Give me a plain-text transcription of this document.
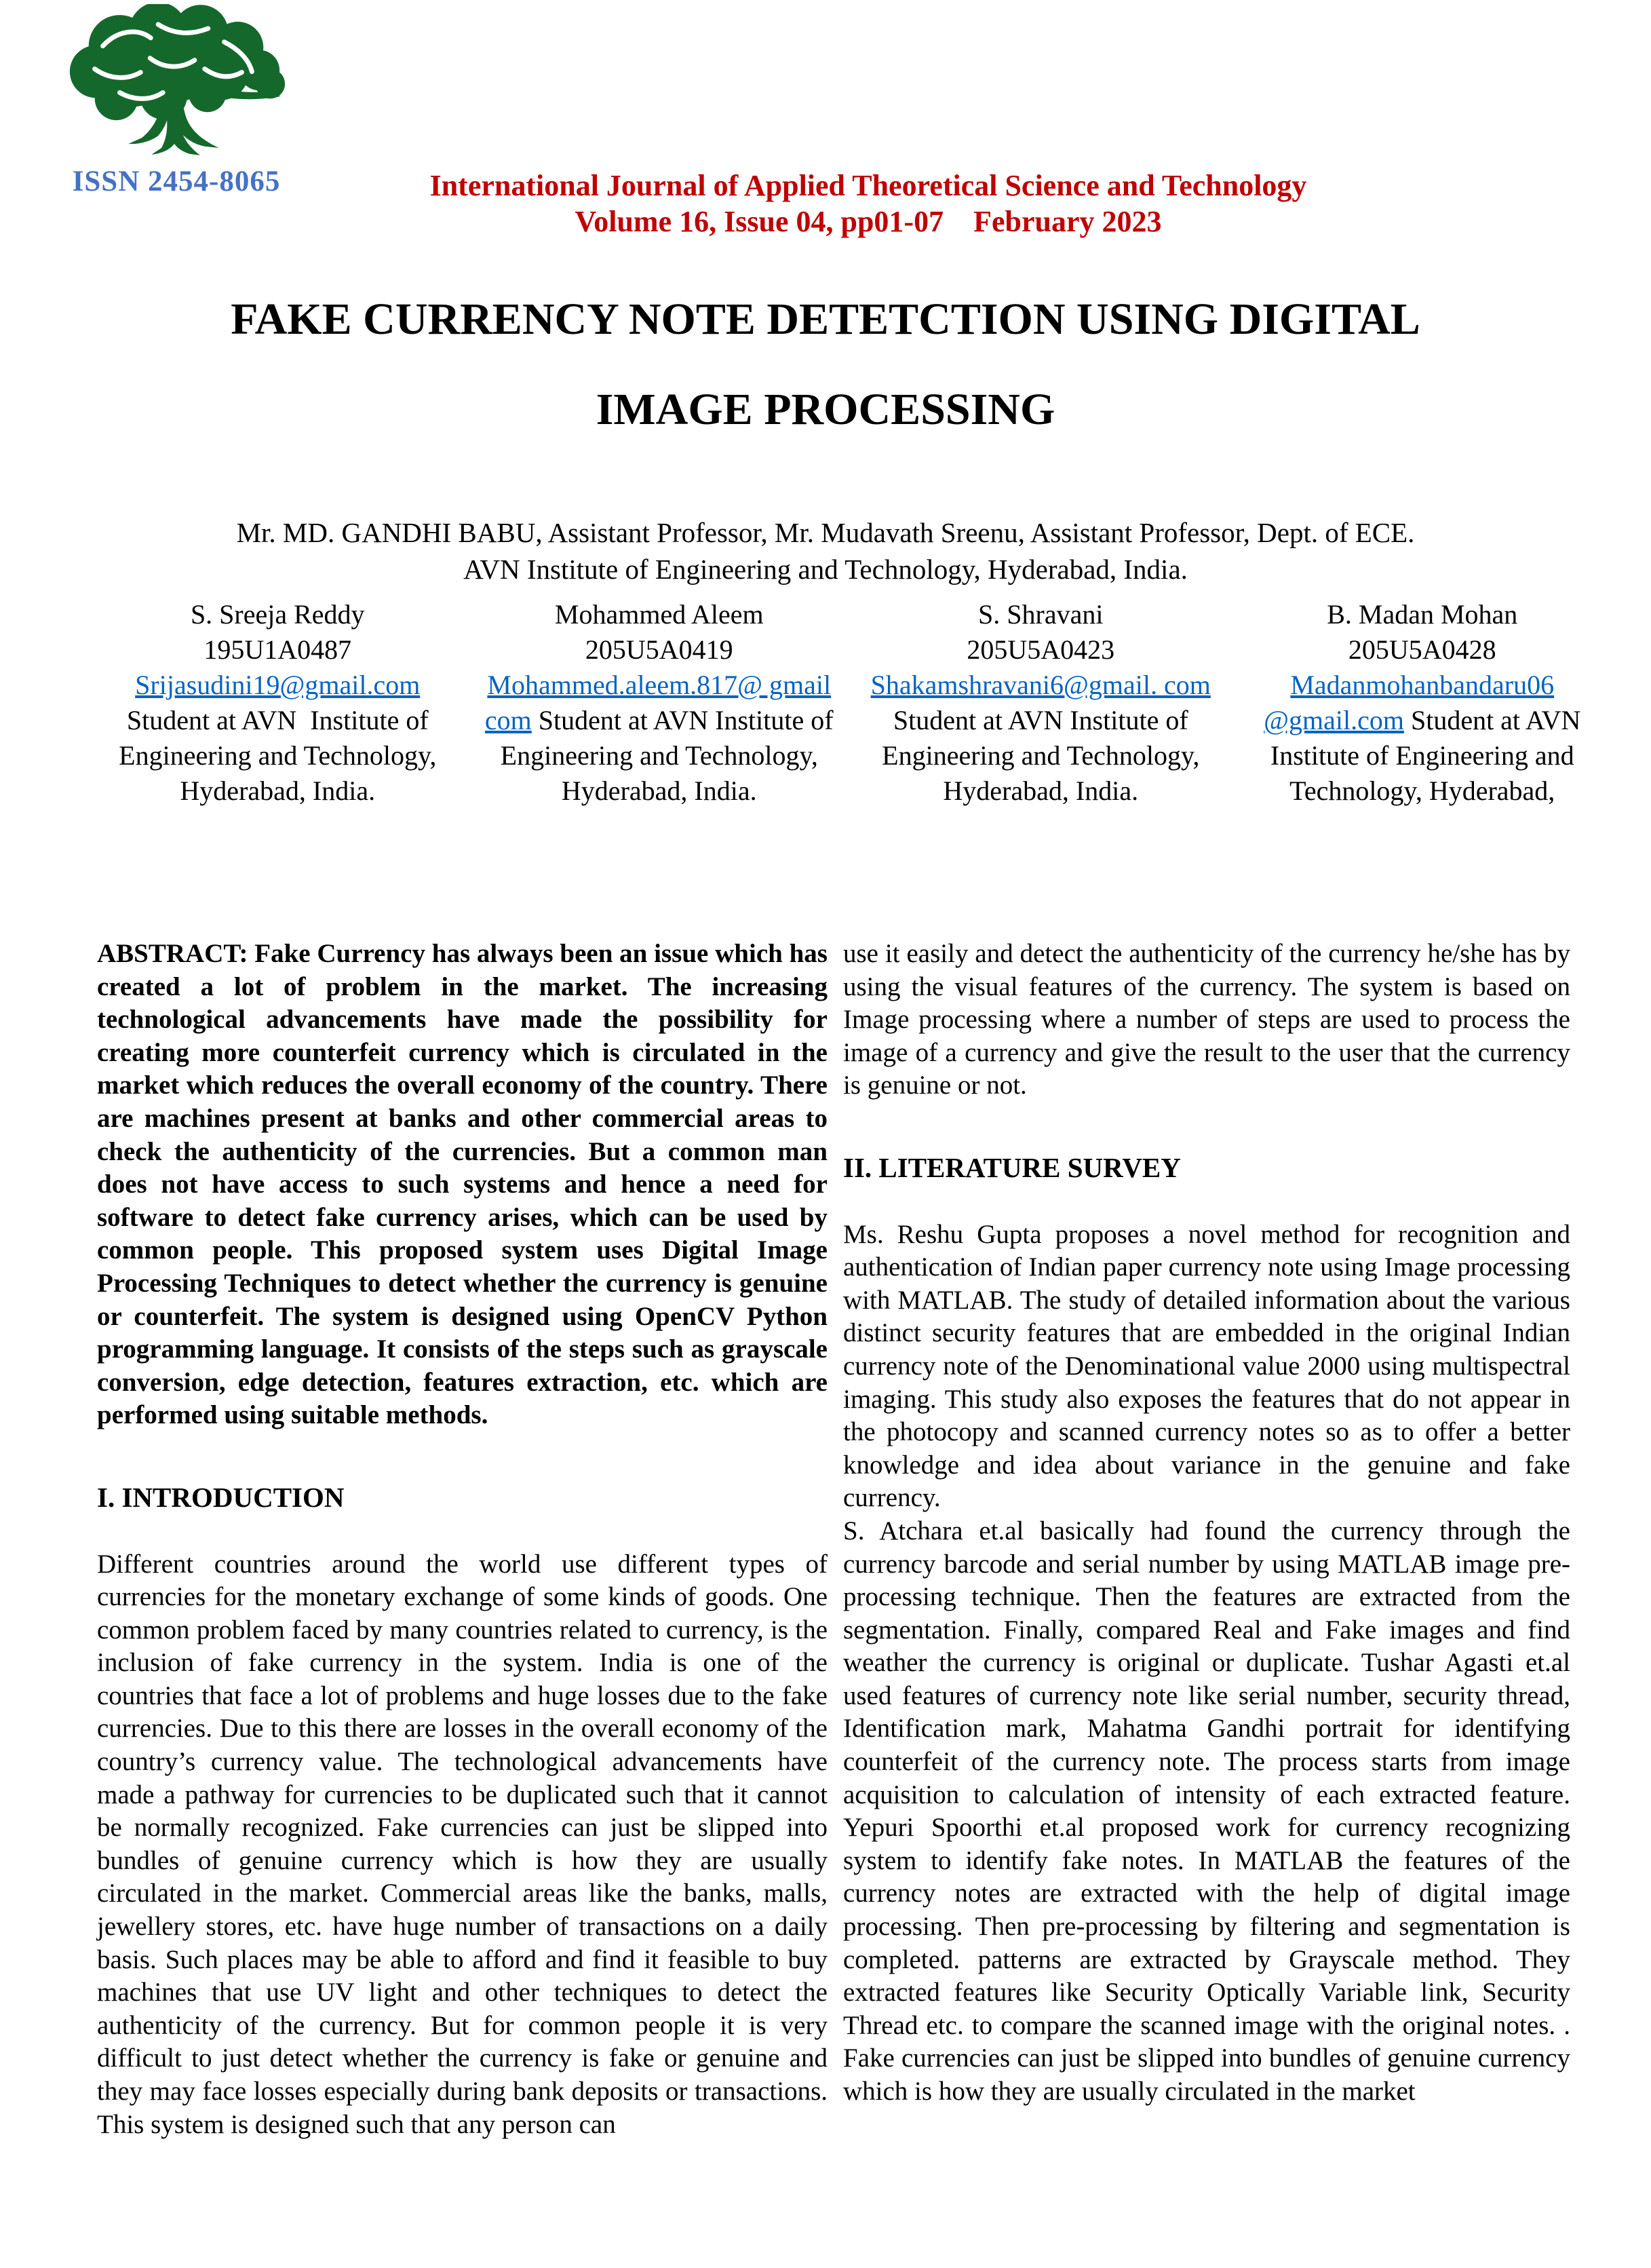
ISSN 2454-8065	International Journal of Applied Theoretical Science and Technology
Volume 16, Issue 04, pp01-07    February 2023
FAKE CURRENCY NOTE DETETCTION USING DIGITAL
IMAGE PROCESSING
Mr. MD. GANDHI BABU, Assistant Professor, Mr. Mudavath Sreenu, Assistant Professor, Dept. of ECE.
AVN Institute of Engineering and Technology, Hyderabad, India.
S. Sreeja Reddy
195U1A0487
Srijasudini19@gmail.com Student at AVN  Institute of Engineering and Technology, Hyderabad, India.
Mohammed Aleem
205U5A0419
Mohammed.aleem.817@ gmail com Student at AVN Institute of Engineering and Technology, Hyderabad, India.
S. Shravani
205U5A0423
Shakamshravani6@gmail. com Student at AVN Institute of Engineering and Technology, Hyderabad, India.
B. Madan Mohan
205U5A0428
Madanmohanbandaru06 @gmail.com Student at AVN Institute of Engineering and Technology, Hyderabad,
ABSTRACT: Fake Currency has always been an issue which has created a lot of problem in the market. The increasing technological advancements have made the possibility for creating more counterfeit currency which is circulated in the market which reduces the overall economy of the country. There are machines present at banks and other commercial areas to check the authenticity of the currencies. But a common man does not have access to such systems and hence a need for software to detect fake currency arises, which can be used by common people. This proposed system uses Digital Image Processing Techniques to detect whether the currency is genuine or counterfeit. The system is designed using OpenCV Python programming language. It consists of the steps such as grayscale conversion, edge detection, features extraction, etc. which are performed using suitable methods.
I. INTRODUCTION
Different countries around the world use different types of currencies for the monetary exchange of some kinds of goods. One common problem faced by many countries related to currency, is the inclusion of fake currency in the system. India is one of the countries that face a lot of problems and huge losses due to the fake currencies. Due to this there are losses in the overall economy of the country’s currency value. The technological advancements have made a pathway for currencies to be duplicated such that it cannot be normally recognized. Fake currencies can just be slipped into bundles of genuine currency which is how they are usually circulated in the market. Commercial areas like the banks, malls, jewellery stores, etc. have huge number of transactions on a daily basis. Such places may be able to afford and find it feasible to buy machines that use UV light and other techniques to detect the authenticity of the currency. But for common people it is very difficult to just detect whether the currency is fake or genuine and they may face losses especially during bank deposits or transactions. This system is designed such that any person can
use it easily and detect the authenticity of the currency he/she has by using the visual features of the currency. The system is based on Image processing where a number of steps are used to process the image of a currency and give the result to the user that the currency is genuine or not.
II. LITERATURE SURVEY
Ms. Reshu Gupta proposes a novel method for recognition and authentication of Indian paper currency note using Image processing with MATLAB. The study of detailed information about the various distinct security features that are embedded in the original Indian currency note of the Denominational value 2000 using multispectral imaging. This study also exposes the features that do not appear in the photocopy and scanned currency notes so as to offer a better knowledge and idea about variance in the genuine and fake currency.
S. Atchara et.al basically had found the currency through the currency barcode and serial number by using MATLAB image pre-processing technique. Then the features are extracted from the segmentation. Finally, compared Real and Fake images and find weather the currency is original or duplicate. Tushar Agasti et.al used features of currency note like serial number, security thread, Identification mark, Mahatma Gandhi portrait for identifying counterfeit of the currency note. The process starts from image acquisition to calculation of intensity of each extracted feature. Yepuri Spoorthi et.al proposed work for currency recognizing system to identify fake notes. In MATLAB the features of the currency notes are extracted with the help of digital image processing. Then pre-processing by filtering and segmentation is completed. patterns are extracted by Grayscale method. They extracted features like Security Optically Variable link, Security Thread etc. to compare the scanned image with the original notes. . Fake currencies can just be slipped into bundles of genuine currency which is how they are usually circulated in the market
